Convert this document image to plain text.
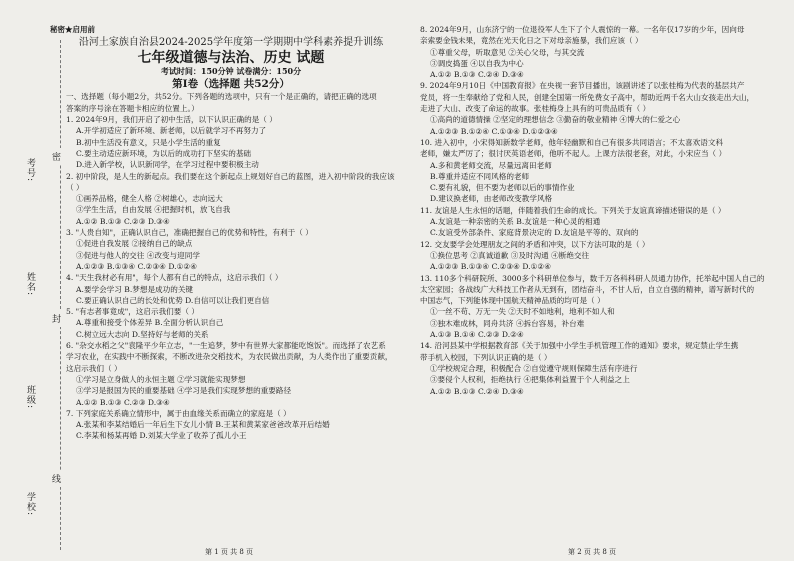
考号:
姓名:
班级:
学校:
密
封
线
秘密★启用前
沿河土家族自治县2024-2025学年度第一学期期中学科素养提升训练
七年级道德与法治、历史 试题
考试时间：150分钟 试卷满分：150分
第Ⅰ卷（选择题 共52分）
一、选择题（每小题2分，共52分。下列各题的选项中，只有一个是正确的，请把正确的选项
答案的序号涂在答题卡相应的位置上。）
1. 2024年9月，我们开启了初中生活，以下认识正确的是（ ）
A.开学初适应了新环境、新老师，以后就学习不再努力了
B.初中生活没有意义，只是小学生活的重复
C.要主动适应新环境，为以后的成功打下坚实的基础
D.进入新学校，认识新同学，在学习过程中要积极主动
2. 初中阶段，是人生的新起点。我们要在这个新起点上规划好自己的蓝图，进入初中阶段的我应该
（ ）
①画养品格，健全人格 ②树雄心，志向远大
③学生生活，自由发展 ④把握时机，放飞自我
A.①② B.①③ C.②③ D.③④
3. "人贵自知"，正确认识自己，准确把握自己的优势和特性，有利于（ ）
①促进自我发展 ②接纳自己的缺点
③促进与他人的交往 ④改变与迎同学
A.①②③ B.①③④ C.②③④ D.①②④
4. "天生我材必有用"，每个人都有自己的特点，这启示我们（ ）
A.要学会学习 B.梦想是成功的关键
C.要正确认识自己的长处和优势 D.自信可以让我们更自信
5. "有志者事竟成"，这启示我们要（ ）
A.尊重和接受个体差异 B.全面分析认识自己
C.树立远大志向 D.坚持好与老师的关系
6. "杂交水稻之父"袁隆平少年立志，"一生追梦，梦中有世界大家都能吃饱饭"。而选择了农艺系
学习农业，在实践中不断探索，不断改进杂交稻技术，为农民做出贡献，为人类作出了重要贡献，
这启示我们（ ）
①学习是立身做人的永恒主题 ②学习就能实现梦想
③学习是报国为民的重要基础 ④学习是我们实现梦想的重要路径
A.①② B.①③ C.②③ D.③④
7. 下列家庭关系确立情形中，属于由血缘关系而确立的家庭是（ ）
A.张某和李某结婚后一年后生下女儿小情 B.王某和黄某家爸爸改革开后结婚
C.李某和杨某再婚 D.刘某大学业了收养了孤儿小王
8. 2024年9月，山东济宁的一位退役军人生下了个人震惊的一幕。一名年仅17岁的少年，因向母
亲索要金钱未果，竟然在光天化日之下对母亲施暴，我们应该（ ）
①尊重父母，听取意见 ②关心父母，与其交流
③调皮捣蛋 ④以自我为中心
A.①② B.①③ C.②④ D.③④
9. 2024年9月10日《中国教育报》在央视一套节目播出，该剧讲述了以张桂梅为代表的基层共产
党员，将一生奉献给了党和人民，创建全国第一所免费女子高中，帮助近两千名大山女孩走出大山，
走进了大山、改变了命运的故事。张桂梅身上具有的可贵品质有（ ）
①高尚的道德情操 ②坚定的理想信念 ③勤奋的敬业精神 ④博大的仁爱之心
A.①②③ B.①②④ C.①③④ D.①②③④
10. 进入初中，小宋得知新数学老师，他年轻幽默和自己有很多共同语言；不太喜欢语文科
老师，嫌太严厉了；很讨厌英语老师，他听不起人。上课方法很老套，对此，小宋应当（ ）
A.多和黄老师交流，尽量远离田老师
B.尊重并适应不同风格的老师
C.要有礼貌，但不要为老师以后的事情作业
D.建议换老师，由老师改变教学风格
11. 友谊是人生永恒的话题，伴随着我们生命的成长。下列关于友谊真谛描述错误的是（ ）
A.友谊是一种亲密的关系 B.友谊是一种心灵的相通
C.友谊受外部条件、家庭背景决定的 D.友谊是平等的、双向的
12. 交友要学会处理朋友之间的矛盾和冲突，以下方法可取的是（ ）
①换位思考 ②真诚道歉 ③及时沟通 ④断绝交往
A.①②③ B.①③④ C.②③④ D.①②④
13. 110多个科研院所、3000多个科研单位参与，数千万各科科研人员通力协作，托举起中国人自己的
太空家园；各战线广大科技工作者从无到有，团结奋斗，不甘人后，自立自强的精神，谱写新时代的
中国志气，下列能体现中国航天精神品质的均可是（ ）
①一丝不苟、万无一失 ②天时不如地利，地利不如人和
③独木难成林，同舟共济 ④拆台容易，补台难
A.①③ B.①④ C.②③ D.②④
14. 沿河县某中学根据教育部《关于加强中小学生手机管理工作的通知》要求，规定禁止学生携
带手机入校园，下列认识正确的是（ ）
①学校规定合理，积极配合 ②自觉遵守规则保障生活有序进行
③要侵个人权利，拒绝执行 ④把集体利益置于个人利益之上
A.①② B.①③ C.②④ D.③④
第 1 页 共 8 页	第 2 页 共 8 页
